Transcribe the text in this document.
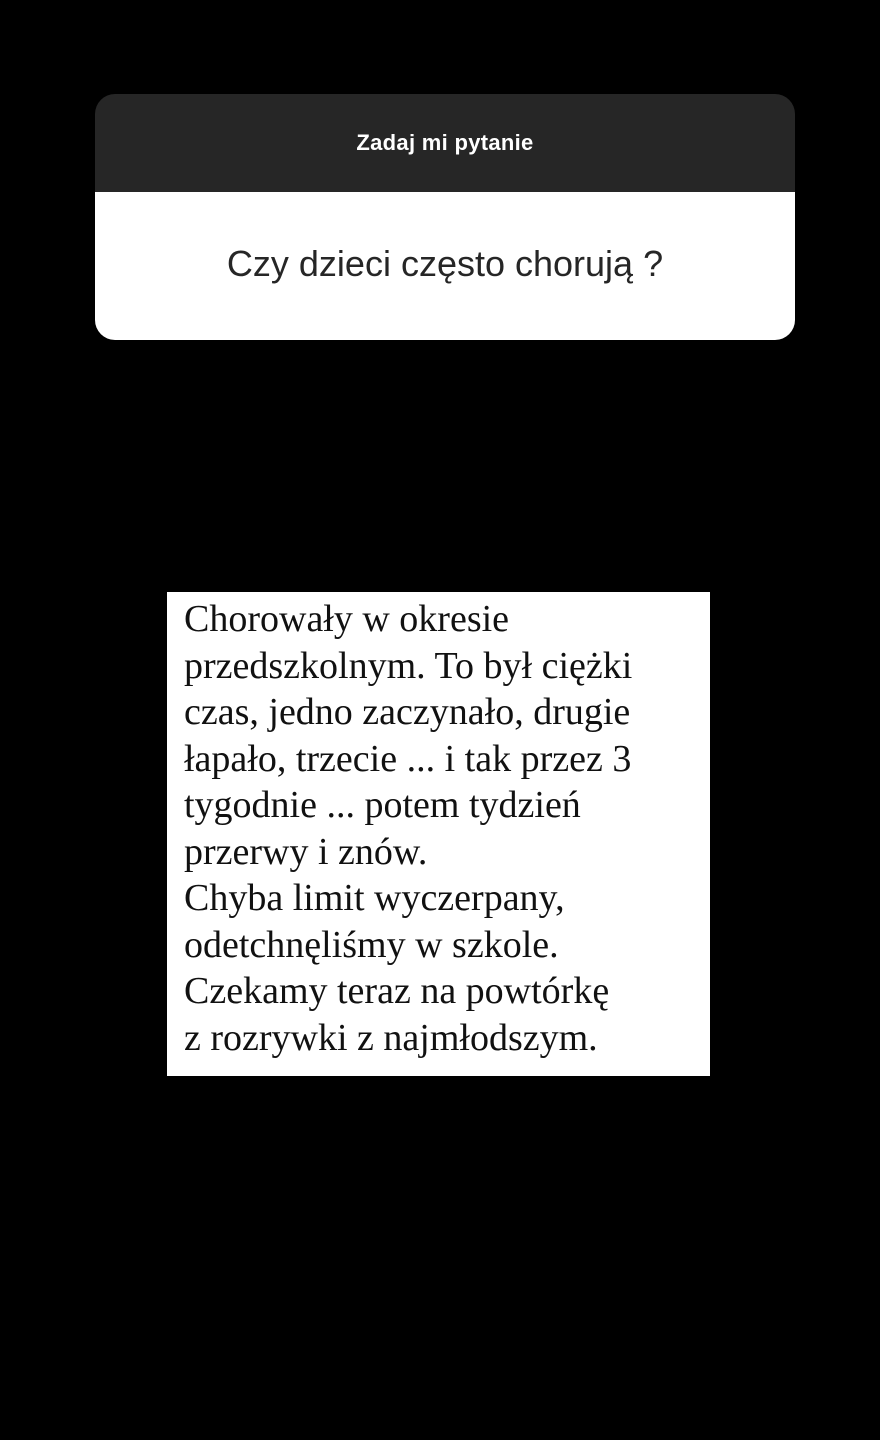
Zadaj mi pytanie
Czy dzieci często chorują ?
Chorowały w okresie
przedszkolnym. To był ciężki
czas, jedno zaczynało, drugie
łapało, trzecie ... i tak przez 3
tygodnie ... potem tydzień
przerwy i znów.
Chyba limit wyczerpany,
odetchnęliśmy w szkole.
Czekamy teraz na powtórkę
z rozrywki z najmłodszym.
